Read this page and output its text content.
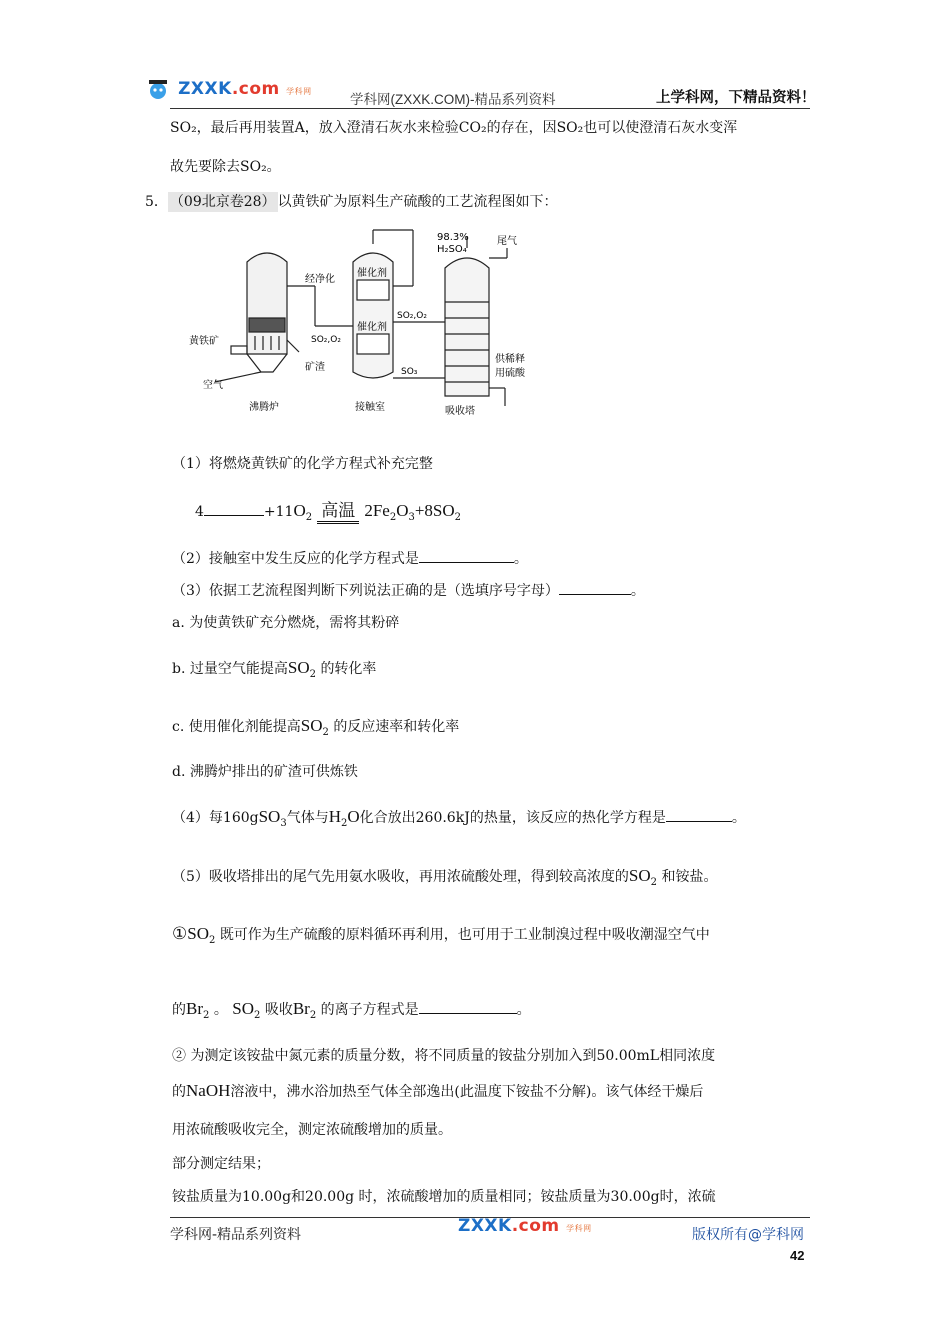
ZXXK.com 学科网
学科网(ZXXK.COM)-精品系列资料	上学科网，下精品资料！
SO₂，最后再用装置A，放入澄清石灰水来检验CO₂的存在，因SO₂也可以使澄清石灰水变浑
故先要除去SO₂。
5． （09北京卷28） 以黄铁矿为原料生产硫酸的工艺流程图如下：
98.3%
H₂SO₄
尾气
催化剂
催化剂
经净化
SO₂,O₂
SO₂,O₂
SO₃
黄铁矿
矿渣
空气
沸腾炉	接触室	吸收塔
供稀释
用硫酸
（1）将燃烧黄铁矿的化学方程式补充完整
4	$+11O_2$ 高温 $2Fe_2O_3+8SO_2$
（2）接触室中发生反应的化学方程式是	。
（3）依据工艺流程图判断下列说法正确的是（选填序号字母）	。
a. 为使黄铁矿充分燃烧，需将其粉碎
b. 过量空气能提高$SO_2$ 的转化率
c. 使用催化剂能提高$SO_2$ 的反应速率和转化率
d. 沸腾炉排出的矿渣可供炼铁
（4）每160gSO$_3$气体与$H_2O$化合放出260.6kJ的热量，该反应的热化学方程是	。
（5）吸收塔排出的尾气先用氨水吸收，再用浓硫酸处理，得到较高浓度的$SO_2$ 和铵盐。
$①SO_2$ 既可作为生产硫酸的原料循环再利用，也可用于工业制溴过程中吸收潮湿空气中
的$Br_2$ 。 $SO_2$ 吸收$Br_2$ 的离子方程式是	。
② 为测定该铵盐中氮元素的质量分数，将不同质量的铵盐分别加入到50.00mL相同浓度
的NaOH溶液中，沸水浴加热至气体全部逸出(此温度下铵盐不分解)。该气体经干燥后
用浓硫酸吸收完全，测定浓硫酸增加的质量。
部分测定结果；
铵盐质量为10.00g和20.00g 时，浓硫酸增加的质量相同；铵盐质量为30.00g时，浓硫
学科网-精品系列资料	ZXXK.com 学科网	版权所有@学科网
42
